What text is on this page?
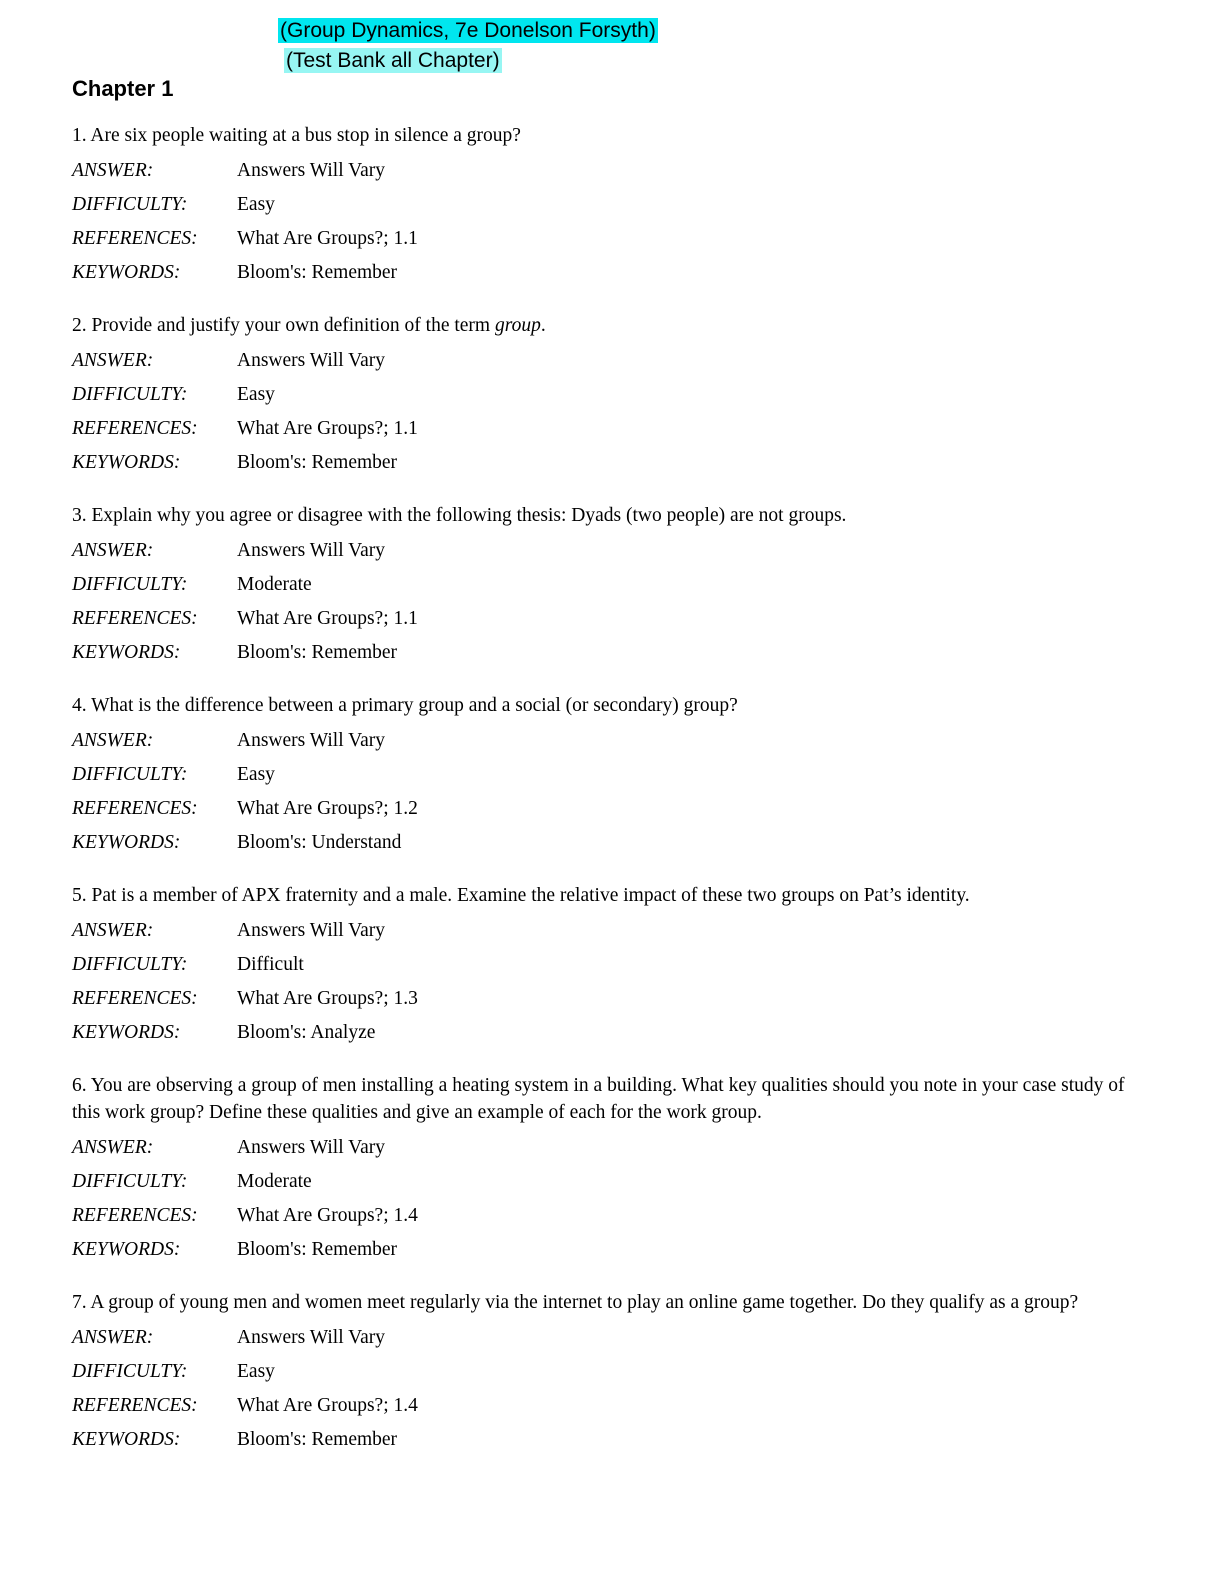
(Group Dynamics, 7e Donelson Forsyth)
(Test Bank all Chapter)
Chapter 1

1. Are six people waiting at a bus stop in silence a group?

ANSWER:	Answers Will Vary
DIFFICULTY:	Easy
REFERENCES:	What Are Groups?; 1.1
KEYWORDS:	Bloom's: Remember

2. Provide and justify your own definition of the term group.

ANSWER:	Answers Will Vary
DIFFICULTY:	Easy
REFERENCES:	What Are Groups?; 1.1
KEYWORDS:	Bloom's: Remember

3. Explain why you agree or disagree with the following thesis: Dyads (two people) are not groups.

ANSWER:	Answers Will Vary
DIFFICULTY:	Moderate
REFERENCES:	What Are Groups?; 1.1
KEYWORDS:	Bloom's: Remember

4. What is the difference between a primary group and a social (or secondary) group?

ANSWER:	Answers Will Vary
DIFFICULTY:	Easy
REFERENCES:	What Are Groups?; 1.2
KEYWORDS:	Bloom's: Understand

5. Pat is a member of APX fraternity and a male. Examine the relative impact of these two groups on Pat’s identity.

ANSWER:	Answers Will Vary
DIFFICULTY:	Difficult
REFERENCES:	What Are Groups?; 1.3
KEYWORDS:	Bloom's: Analyze

6. You are observing a group of men installing a heating system in a building. What key qualities should you note in your case study of this work group? Define these qualities and give an example of each for the work group.

ANSWER:	Answers Will Vary
DIFFICULTY:	Moderate
REFERENCES:	What Are Groups?; 1.4
KEYWORDS:	Bloom's: Remember

7. A group of young men and women meet regularly via the internet to play an online game together. Do they qualify as a group?

ANSWER:	Answers Will Vary
DIFFICULTY:	Easy
REFERENCES:	What Are Groups?; 1.4
KEYWORDS:	Bloom's: Remember
